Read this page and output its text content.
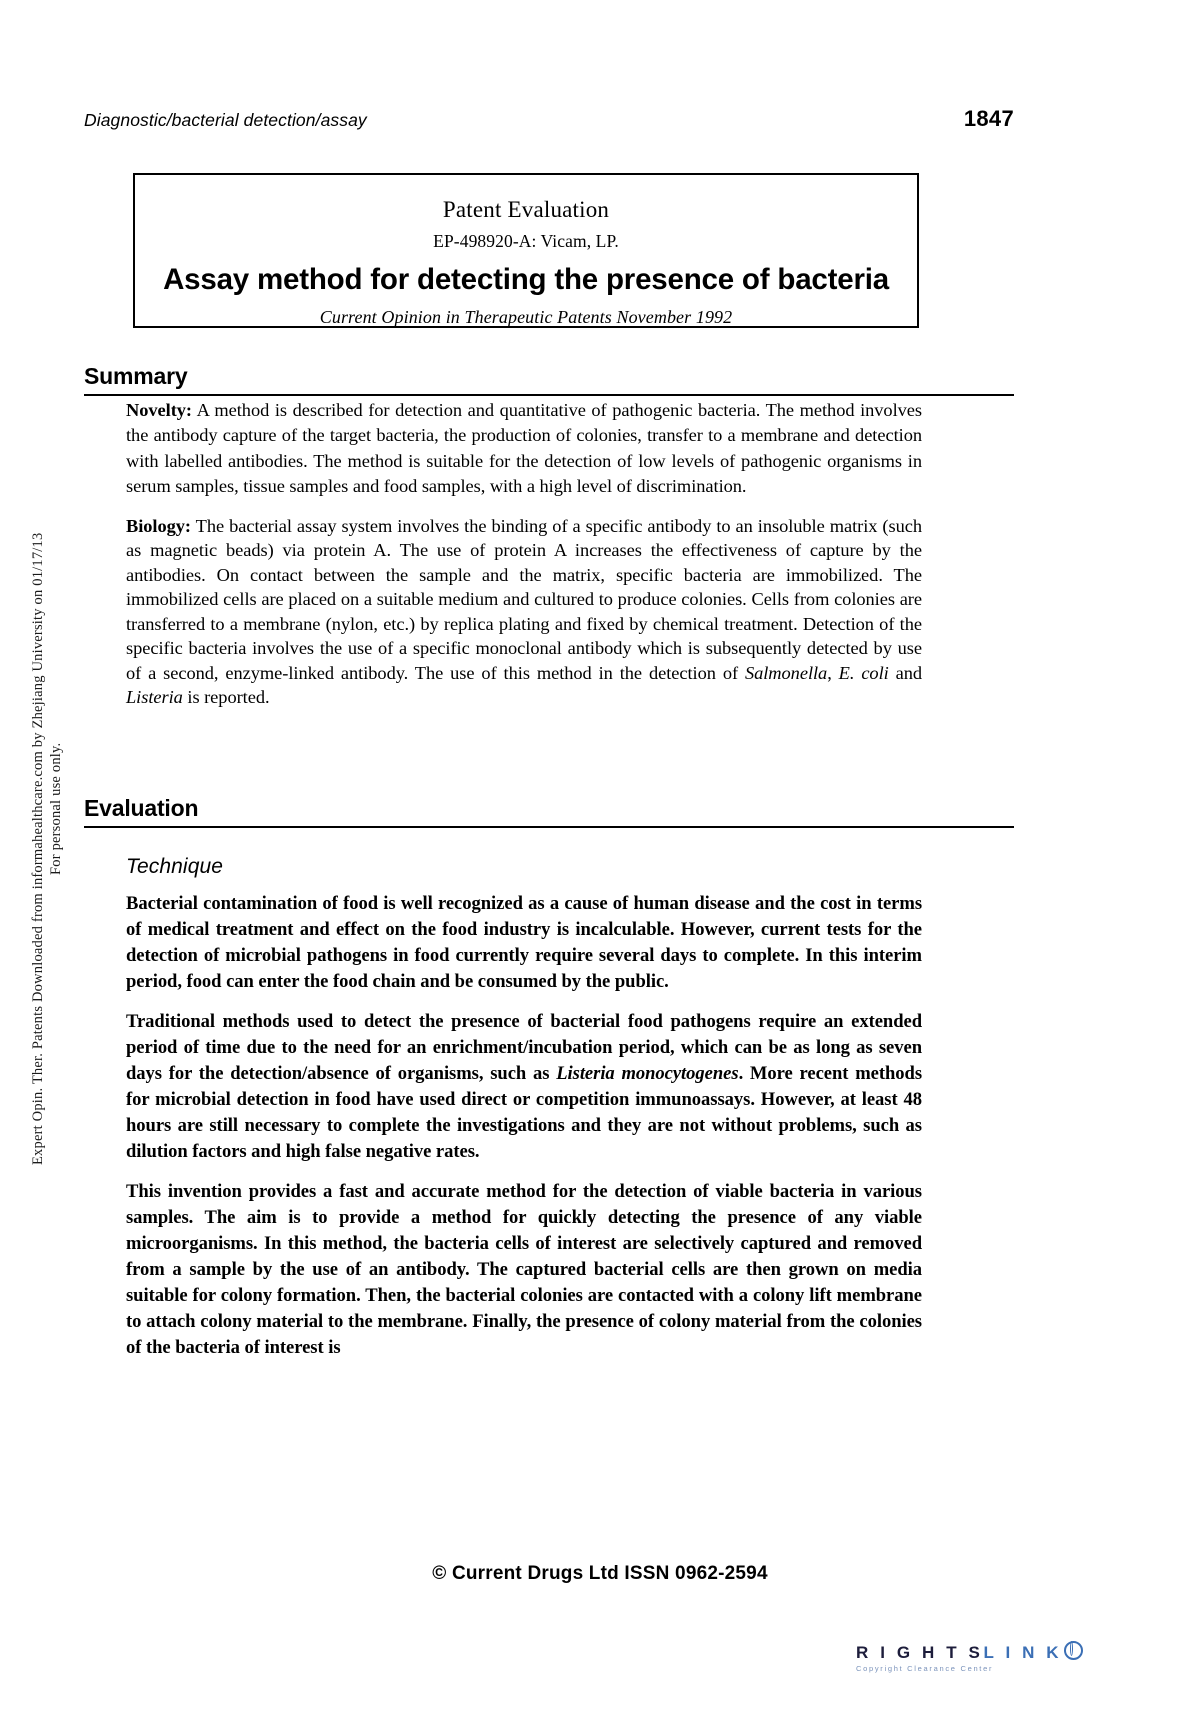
Expert Opin. Ther. Patents Downloaded from informahealthcare.com by Zhejiang University on 01/17/13 For personal use only.
Diagnostic/bacterial detection/assay	1847
Patent Evaluation
EP-498920-A: Vicam, LP.
Assay method for detecting the presence of bacteria
Current Opinion in Therapeutic Patents November 1992
Summary

Novelty: A method is described for detection and quantitative of pathogenic bacteria. The method involves the antibody capture of the target bacteria, the production of colonies, transfer to a membrane and detection with labelled antibodies. The method is suitable for the detection of low levels of pathogenic organisms in serum samples, tissue samples and food samples, with a high level of discrimination.

Biology: The bacterial assay system involves the binding of a specific antibody to an insoluble matrix (such as magnetic beads) via protein A. The use of protein A increases the effectiveness of capture by the antibodies. On contact between the sample and the matrix, specific bacteria are immobilized. The immobilized cells are placed on a suitable medium and cultured to produce colonies. Cells from colonies are transferred to a membrane (nylon, etc.) by replica plating and fixed by chemical treatment. Detection of the specific bacteria involves the use of a specific monoclonal antibody which is subsequently detected by use of a second, enzyme-linked antibody. The use of this method in the detection of Salmonella, E. coli and Listeria is reported.

Evaluation
Technique

Bacterial contamination of food is well recognized as a cause of human disease and the cost in terms of medical treatment and effect on the food industry is incalculable. However, current tests for the detection of microbial pathogens in food currently require several days to complete. In this interim period, food can enter the food chain and be consumed by the public.

Traditional methods used to detect the presence of bacterial food pathogens require an extended period of time due to the need for an enrichment/incubation period, which can be as long as seven days for the detection/absence of organisms, such as Listeria monocytogenes. More recent methods for microbial detection in food have used direct or competition immunoassays. However, at least 48 hours are still necessary to complete the investigations and they are not without problems, such as dilution factors and high false negative rates.

This invention provides a fast and accurate method for the detection of viable bacteria in various samples. The aim is to provide a method for quickly detecting the presence of any viable microorganisms. In this method, the bacteria cells of interest are selectively captured and removed from a sample by the use of an antibody. The captured bacterial cells are then grown on media suitable for colony formation. Then, the bacterial colonies are contacted with a colony lift membrane to attach colony material to the membrane. Finally, the presence of colony material from the colonies of the bacteria of interest is

© Current Drugs Ltd ISSN 0962-2594
R I G H T SL I N K
Copyright Clearance Center
